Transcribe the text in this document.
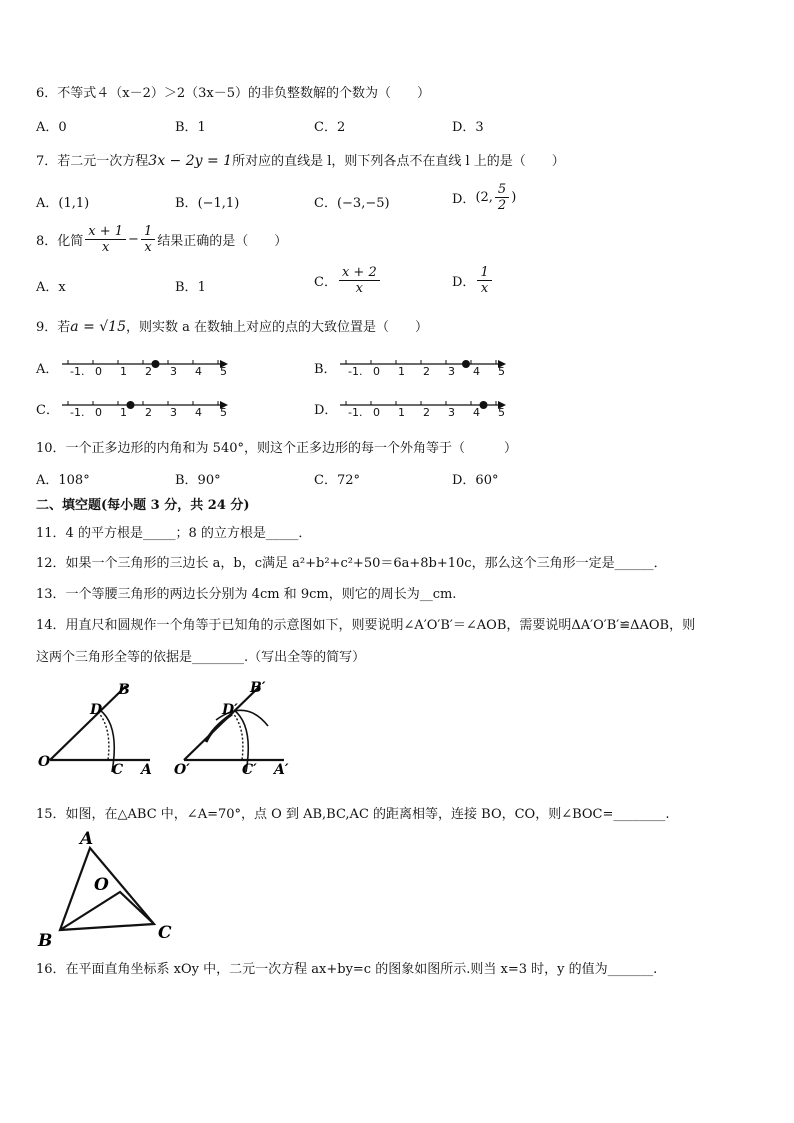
6．不等式４（x－2）＞2（3x－5）的非负整数解的个数为（　　）
A．0	B．1	C．2	D．3
7．若二元一次方程3x − 2y = 1所对应的直线是 l，则下列各点不在直线 l 上的是（　　）
A．(1,1)	B．(−1,1)	C．(−3,−5)	D．(2, $\frac{5}{2}$ )
8．化简 $\frac{x + 1}{x} - \frac{1}{x}$ 结果正确的是（　　）
A．x	B．1	C． $\frac{x + 2}{x}$	D． $\frac{1}{x}$
9．若a = √15，则实数 a 在数轴上对应的点的大致位置是（　　）
A．	B．
C．	D．
-1. 0 1 2 3 4 5	-1. 0 1 2 3 4 5
-1. 0 1 2 3 4 5	-1. 0 1 2 3 4 5
10．一个正多边形的内角和为 540°，则这个正多边形的每一个外角等于（　　　）
A．108°	B．90°	C．72°	D．60°
二、填空题(每小题 3 分，共 24 分)
11．4 的平方根是_____；8 的立方根是_____．
12．如果一个三角形的三边长 a，b，c满足 a²+b²+c²+50＝6a+8b+10c，那么这个三角形一定是______．
13．一个等腰三角形的两边长分别为 4cm 和 9cm，则它的周长为__cm.
14．用直尺和圆规作一个角等于已知角的示意图如下，则要说明∠A′O′B′＝∠AOB，需要说明ΔA′O′B′≌ΔAOB，则
这两个三角形全等的依据是________.（写出全等的简写）
O	A
B
C
D
O′	A′
B′
C′
D′
15．如图，在△ABC 中，∠A=70°，点 O 到 AB,BC,AC 的距离相等，连接 BO，CO，则∠BOC=________.
A
B	C
O
16．在平面直角坐标系 xOy 中，二元一次方程 ax+by=c 的图象如图所示.则当 x=3 时，y 的值为_______.
